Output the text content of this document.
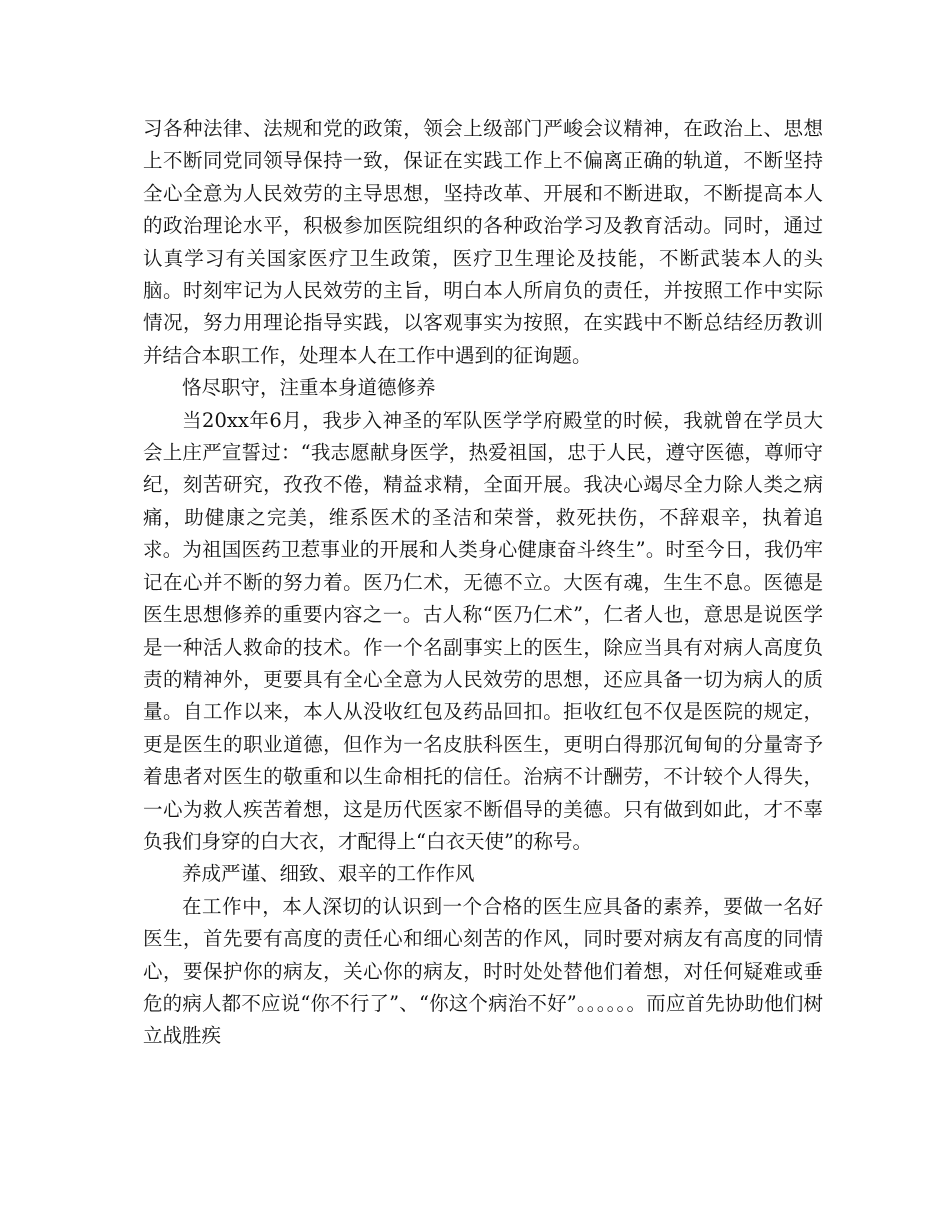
习各种法律、法规和党的政策，领会上级部门严峻会议精神，在政治上、思想上不断同党同领导保持一致，保证在实践工作上不偏离正确的轨道，不断坚持全心全意为人民效劳的主导思想，坚持改革、开展和不断进取，不断提高本人的政治理论水平，积极参加医院组织的各种政治学习及教育活动。同时，通过认真学习有关国家医疗卫生政策，医疗卫生理论及技能，不断武装本人的头脑。时刻牢记为人民效劳的主旨，明白本人所肩负的责任，并按照工作中实际情况，努力用理论指导实践，以客观事实为按照，在实践中不断总结经历教训并结合本职工作，处理本人在工作中遇到的征询题。

恪尽职守，注重本身道德修养

当20xx年6月，我步入神圣的军队医学学府殿堂的时候，我就曾在学员大会上庄严宣誓过：“我志愿献身医学，热爱祖国，忠于人民，遵守医德，尊师守纪，刻苦研究，孜孜不倦，精益求精，全面开展。我决心竭尽全力除人类之病痛，助健康之完美，维系医术的圣洁和荣誉，救死扶伤，不辞艰辛，执着追求。为祖国医药卫惹事业的开展和人类身心健康奋斗终生”。时至今日，我仍牢记在心并不断的努力着。医乃仁术，无德不立。大医有魂，生生不息。医德是医生思想修养的重要内容之一。古人称“医乃仁术”，仁者人也，意思是说医学是一种活人救命的技术。作一个名副事实上的医生，除应当具有对病人高度负责的精神外，更要具有全心全意为人民效劳的思想，还应具备一切为病人的质量。自工作以来，本人从没收红包及药品回扣。拒收红包不仅是医院的规定，更是医生的职业道德，但作为一名皮肤科医生，更明白得那沉甸甸的分量寄予着患者对医生的敬重和以生命相托的信任。治病不计酬劳，不计较个人得失，一心为救人疾苦着想，这是历代医家不断倡导的美德。只有做到如此，才不辜负我们身穿的白大衣，才配得上“白衣天使”的称号。

养成严谨、细致、艰辛的工作作风

在工作中，本人深切的认识到一个合格的医生应具备的素养，要做一名好医生，首先要有高度的责任心和细心刻苦的作风，同时要对病友有高度的同情心，要保护你的病友，关心你的病友，时时处处替他们着想，对任何疑难或垂危的病人都不应说“你不行了”、“你这个病治不好”。。。。。。而应首先协助他们树立战胜疾
